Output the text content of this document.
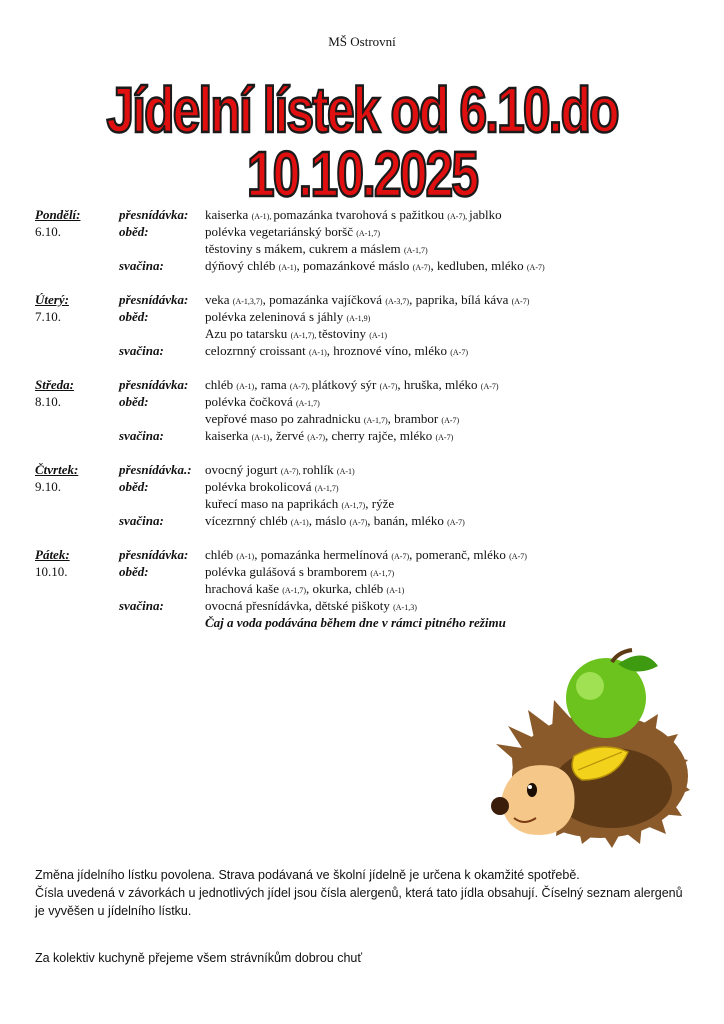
MŠ Ostrovní
Jídelní lístek od 6.10.do 10.10.2025
Pondělí:	přesnídávka:	kaiserka (A-1), pomazánka tvarohová s pažitkou (A-7), jablko
6.10.	oběd:	polévka vegetariánský boršč (A-1,7)
těstoviny s mákem, cukrem a máslem (A-1,7)
svačina:	dýňový chléb (A-1), pomazánkové máslo (A-7), kedluben, mléko (A-7)
Úterý:	přesnídávka:	veka (A-1,3,7), pomazánka vajíčková (A-3,7), paprika, bílá káva (A-7)
7.10.	oběd:	polévka zeleninová s jáhly (A-1,9)
Azu po tatarsku (A-1,7), těstoviny (A-1)
svačina:	celozrnný croissant (A-1), hroznové víno, mléko (A-7)
Středa:	přesnídávka:	chléb (A-1), rama (A-7), plátkový sýr (A-7), hruška, mléko (A-7)
8.10.	oběd:	polévka čočková (A-1,7)
vepřové maso po zahradnicku (A-1,7), brambor (A-7)
svačina:	kaiserka (A-1), žervé (A-7), cherry rajče, mléko (A-7)
Čtvrtek:	přesnídávka.:	ovocný jogurt (A-7), rohlík (A-1)
9.10.	oběd:	polévka brokolicová (A-1,7)
kuřecí maso na paprikách (A-1,7), rýže
svačina:	vícezrnný chléb (A-1), máslo (A-7), banán, mléko (A-7)
Pátek:	přesnídávka:	chléb (A-1), pomazánka hermelínová (A-7), pomeranč, mléko (A-7)
10.10.	oběd:	polévka gulášová s bramborem (A-1,7)
hrachová kaše (A-1,7), okurka, chléb (A-1)
svačina:	ovocná přesnídávka, dětské piškoty (A-1,3)
Čaj a voda podávána během dne v rámci pitného režimu
Změna jídelního lístku povolena. Strava podávaná ve školní jídelně je určena k okamžité spotřebě.
Čísla uvedená v závorkách u jednotlivých jídel jsou čísla alergenů, která tato jídla obsahují. Číselný seznam alergenů je vyvěšen u jídelního lístku.
Za kolektiv kuchyně přejeme všem strávníkům dobrou chuť
